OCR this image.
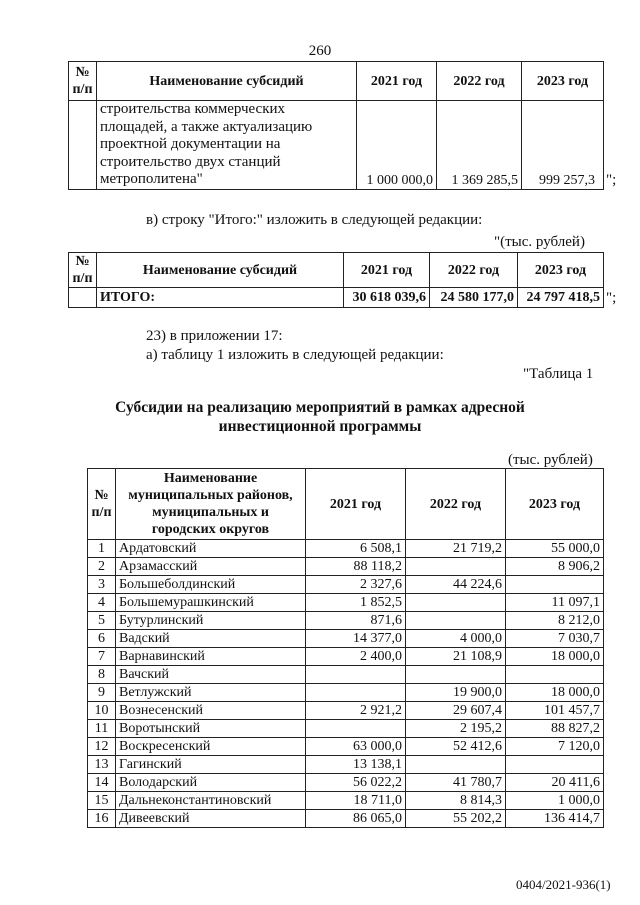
260
№ п/п	Наименование субсидий	2021 год	2022 год	2023 год

	строительства коммерческих
площадей, а также актуализацию
проектной документации на
строительство двух станций
метрополитена"	1 000 000,0	1 369 285,5	999 257,3 ";
в) строку "Итого:" изложить в следующей редакции:
"(тыс. рублей)
№ п/п	Наименование субсидий	2021 год	2022 год	2023 год
	ИТОГО:	30 618 039,6	24 580 177,0	24 797 418,5 ";
23) в приложении 17:
а) таблицу 1 изложить в следующей редакции:
"Таблица 1
Субсидии на реализацию мероприятий в рамках адресной
инвестиционной программы
(тыс. рублей)
№ п/п	Наименование муниципальных районов, муниципальных и городских округов	2021 год	2022 год	2023 год
1	Ардатовский	6 508,1	21 719,2	55 000,0
2	Арзамасский	88 118,2		8 906,2
3	Большеболдинский	2 327,6	44 224,6	
4	Большемурашкинский	1 852,5		11 097,1
5	Бутурлинский	871,6		8 212,0
6	Вадский	14 377,0	4 000,0	7 030,7
7	Варнавинский	2 400,0	21 108,9	18 000,0
8	Вачский			
9	Ветлужский		19 900,0	18 000,0
10	Вознесенский	2 921,2	29 607,4	101 457,7
11	Воротынский		2 195,2	88 827,2
12	Воскресенский	63 000,0	52 412,6	7 120,0
13	Гагинский	13 138,1		
14	Володарский	56 022,2	41 780,7	20 411,6
15	Дальнеконстантиновский	18 711,0	8 814,3	1 000,0
16	Дивеевский	86 065,0	55 202,2	136 414,7
0404/2021-936(1)
